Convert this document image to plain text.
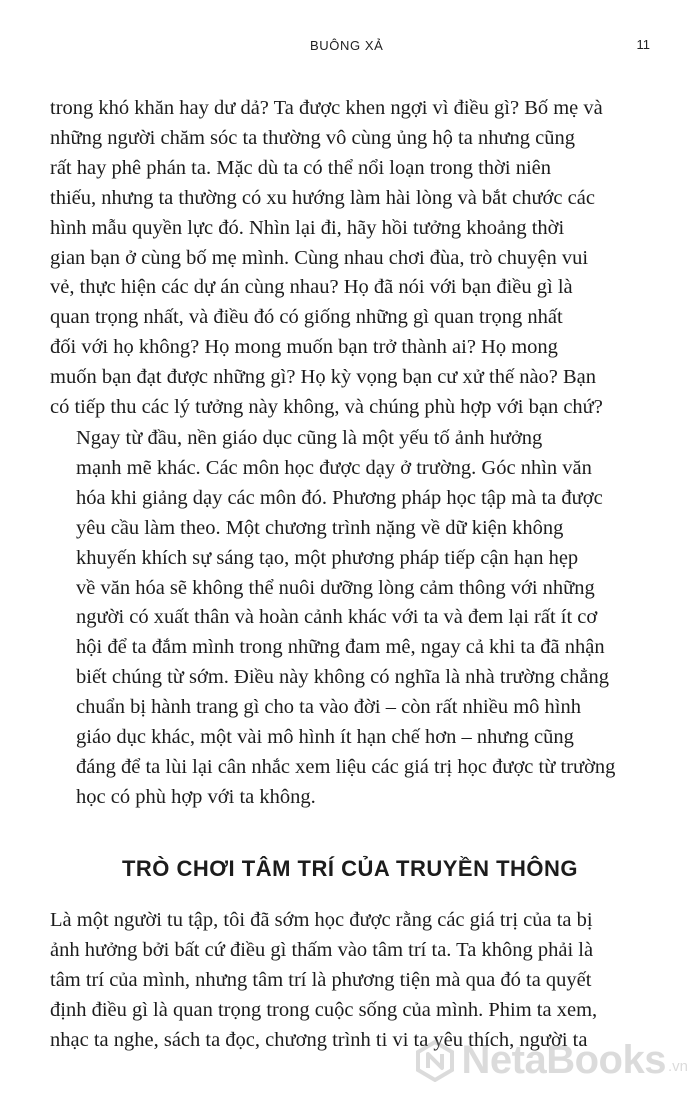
BUÔNG XẢ	11

trong khó khăn hay dư dả? Ta được khen ngợi vì điều gì? Bố mẹ và
những người chăm sóc ta thường vô cùng ủng hộ ta nhưng cũng
rất hay phê phán ta. Mặc dù ta có thể nổi loạn trong thời niên
thiếu, nhưng ta thường có xu hướng làm hài lòng và bắt chước các
hình mẫu quyền lực đó. Nhìn lại đi, hãy hồi tưởng khoảng thời
gian bạn ở cùng bố mẹ mình. Cùng nhau chơi đùa, trò chuyện vui
vẻ, thực hiện các dự án cùng nhau? Họ đã nói với bạn điều gì là
quan trọng nhất, và điều đó có giống những gì quan trọng nhất
đối với họ không? Họ mong muốn bạn trở thành ai? Họ mong
muốn bạn đạt được những gì? Họ kỳ vọng bạn cư xử thế nào? Bạn
có tiếp thu các lý tưởng này không, và chúng phù hợp với bạn chứ?

Ngay từ đầu, nền giáo dục cũng là một yếu tố ảnh hưởng
mạnh mẽ khác. Các môn học được dạy ở trường. Góc nhìn văn
hóa khi giảng dạy các môn đó. Phương pháp học tập mà ta được
yêu cầu làm theo. Một chương trình nặng về dữ kiện không
khuyến khích sự sáng tạo, một phương pháp tiếp cận hạn hẹp
về văn hóa sẽ không thể nuôi dưỡng lòng cảm thông với những
người có xuất thân và hoàn cảnh khác với ta và đem lại rất ít cơ
hội để ta đắm mình trong những đam mê, ngay cả khi ta đã nhận
biết chúng từ sớm. Điều này không có nghĩa là nhà trường chẳng
chuẩn bị hành trang gì cho ta vào đời – còn rất nhiều mô hình
giáo dục khác, một vài mô hình ít hạn chế hơn – nhưng cũng
đáng để ta lùi lại cân nhắc xem liệu các giá trị học được từ trường
học có phù hợp với ta không.

TRÒ CHƠI TÂM TRÍ CỦA TRUYỀN THÔNG

Là một người tu tập, tôi đã sớm học được rằng các giá trị của ta bị
ảnh hưởng bởi bất cứ điều gì thấm vào tâm trí ta. Ta không phải là
tâm trí của mình, nhưng tâm trí là phương tiện mà qua đó ta quyết
định điều gì là quan trọng trong cuộc sống của mình. Phim ta xem,
nhạc ta nghe, sách ta đọc, chương trình ti vi ta yêu thích, người ta

NetaBooks .vn
